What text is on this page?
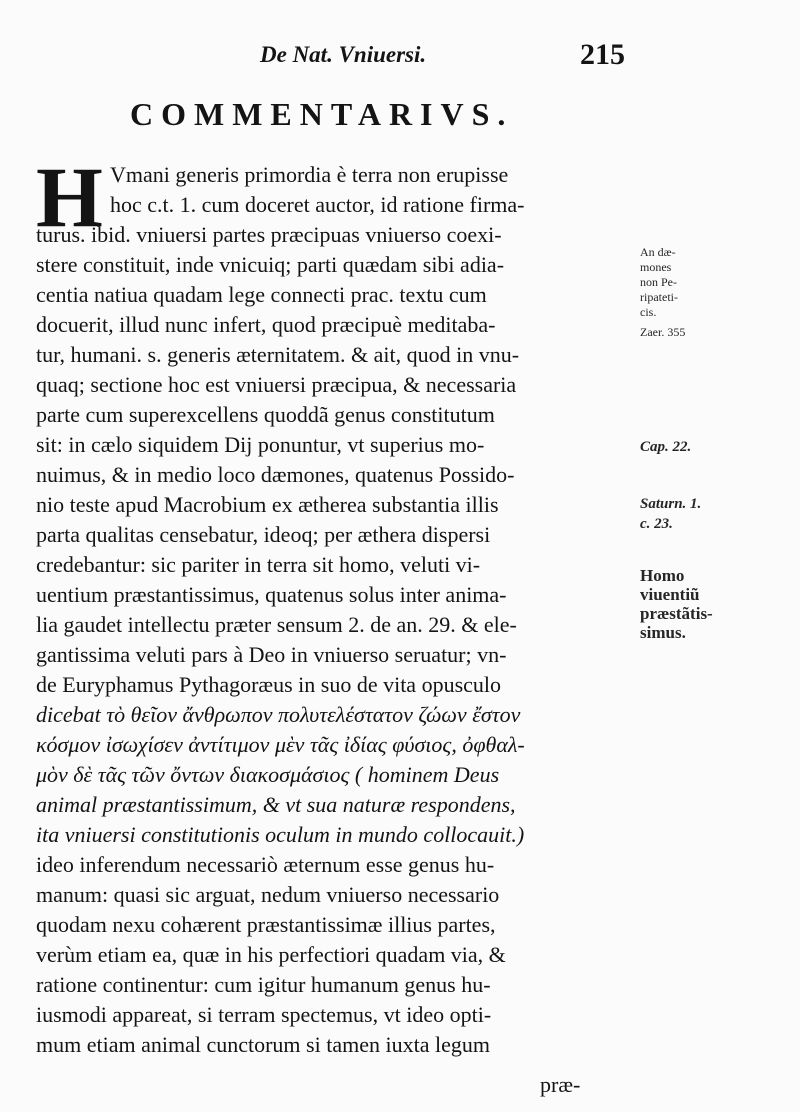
De Nat. Vniuersi.	215
COMMENTARIVS.
H Vmani generis primordia è terra non erupisse
hoc c.t. 1. cum doceret auctor, id ratione firma-
turus. ibid. vniuersi partes præcipuas vniuerso coexi-
stere constituit, inde vnicuiq; parti quædam sibi adia-
centia natiua quadam lege connecti prac. textu cum
docuerit, illud nunc infert, quod præcipuè meditaba-
tur, humani. s. generis æternitatem. & ait, quod in vnu-
quaq; sectione hoc est vniuersi præcipua, & necessaria
parte cum superexcellens quoddã genus constitutum
sit: in cælo siquidem Dij ponuntur, vt superius mo-
nuimus, & in medio loco dæmones, quatenus Possido-
nio teste apud Macrobium ex ætherea substantia illis
parta qualitas censebatur, ideoq; per æthera dispersi
credebantur: sic pariter in terra sit homo, veluti vi-
uentium præstantissimus, quatenus solus inter anima-
lia gaudet intellectu præter sensum 2. de an. 29. & ele-
gantissima veluti pars à Deo in vniuerso seruatur; vn-
de Euryphamus Pythagoræus in suo de vita opusculo
dicebat τὸ θεῖον ἄνθρωπον πολυτελέστατον ζώων ἔστον
κόσμον ἰσωχίσεν ἀντίτιμον μὲν τᾶς ἰδίας φύσιος, ὀφθαλ-
μὸν δὲ τᾶς τῶν ὄντων διακοσμάσιος ( hominem Deus
animal præstantissimum, & vt sua naturæ respondens,
ita vniuersi constitutionis oculum in mundo collocauit.)
ideo inferendum necessariò æternum esse genus hu-
manum: quasi sic arguat, nedum vniuerso necessario
quodam nexu cohærent præstantissimæ illius partes,
verùm etiam ea, quæ in his perfectiori quadam via, &
ratione continentur: cum igitur humanum genus hu-
iusmodi appareat, si terram spectemus, vt ideo opti-
mum etiam animal cunctorum si tamen iuxta legum
An dæ-
mones
non Pe-
ripateti-
cis.
Zaer. 355
Cap. 22.
Saturn. 1.
c. 23.
Homo
viuentiũ
præstãtis-
simus.
præ-
